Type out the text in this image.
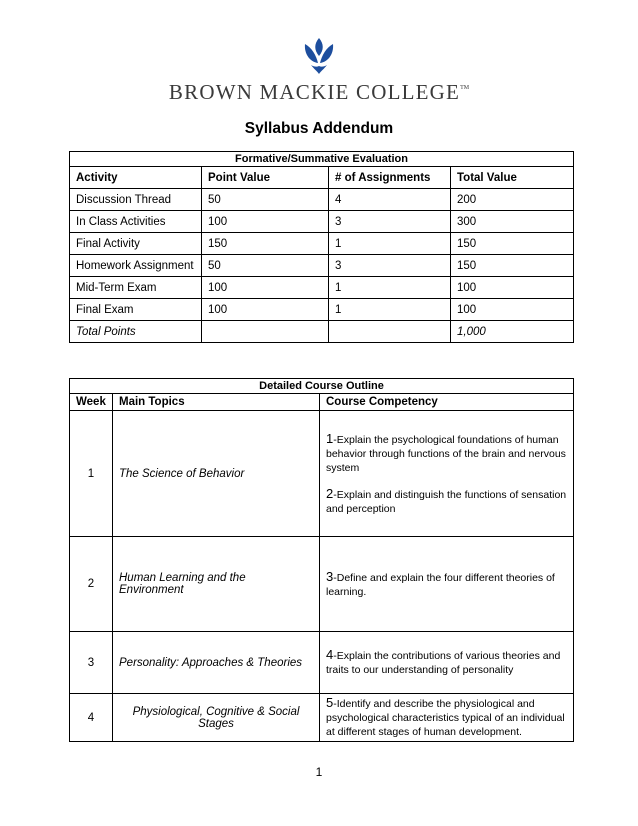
BROWN MACKIE COLLEGE™
Syllabus Addendum
Formative/Summative Evaluation			
Activity	Point Value	# of Assignments	Total Value
Discussion Thread	50	4	200
In Class Activities	100	3	300
Final Activity	150	1	150
Homework Assignment	50	3	150
Mid-Term Exam	100	1	100
Final Exam	100	1	100
Total Points			1,000
Detailed Course Outline		
Week	Main Topics	Course Competency
1	The Science of Behavior	1-Explain the psychological foundations of human behavior through functions of the brain and nervous system

2-Explain and distinguish the functions of sensation and perception

2	Human Learning and the Environment	3-Define and explain the four different theories of learning.

3	Personality: Approaches & Theories	4-Explain the contributions of various theories and traits to our understanding of personality

4	Physiological, Cognitive & Social Stages	5-Identify and describe the physiological and psychological characteristics typical of an individual at different stages of human development.

1
